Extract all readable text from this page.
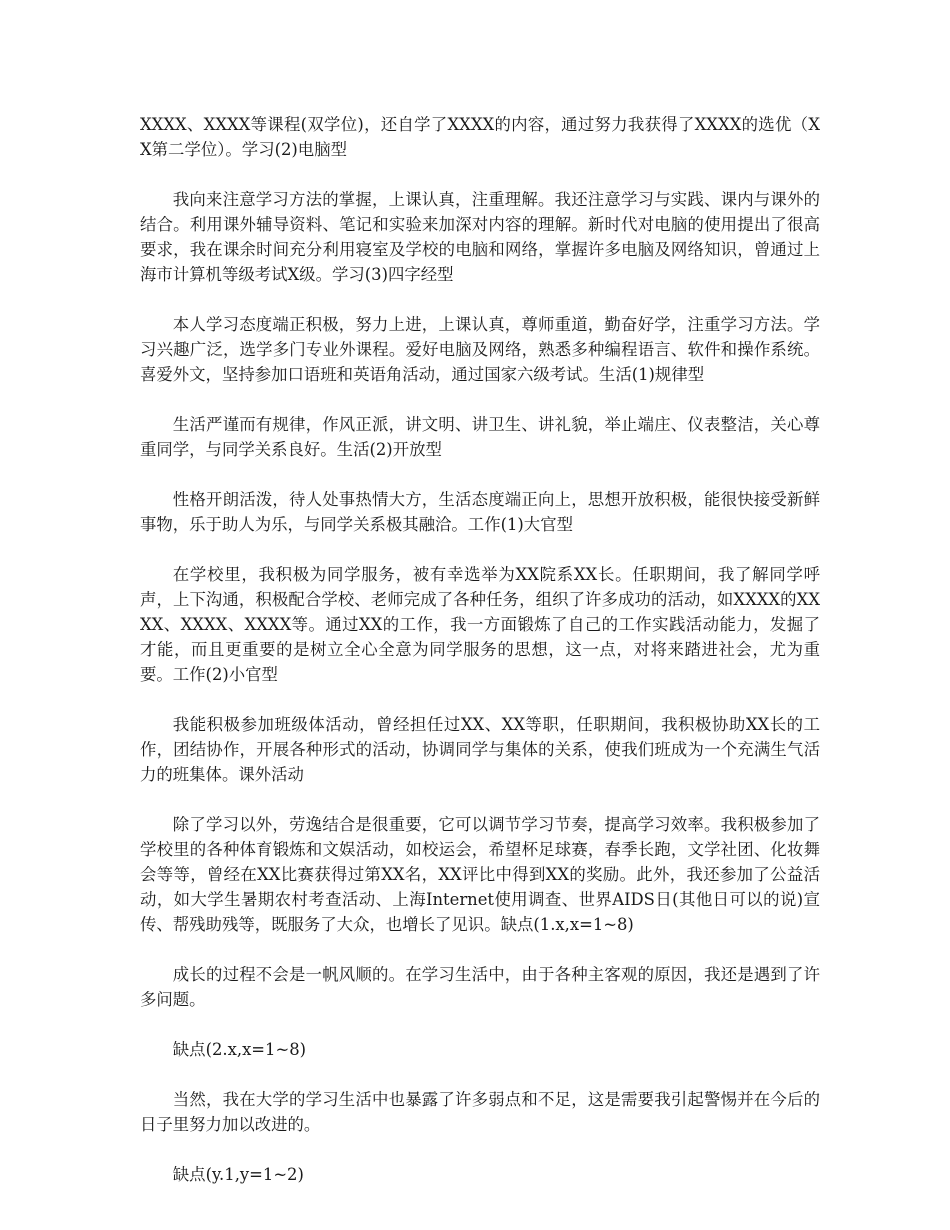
XXXX、XXXX等课程(双学位)，还自学了XXXX的内容，通过努力我获得了XXXX的选优（XX第二学位）。学习(2)电脑型

我向来注意学习方法的掌握，上课认真，注重理解。我还注意学习与实践、课内与课外的结合。利用课外辅导资料、笔记和实验来加深对内容的理解。新时代对电脑的使用提出了很高要求，我在课余时间充分利用寝室及学校的电脑和网络，掌握许多电脑及网络知识，曾通过上海市计算机等级考试X级。学习(3)四字经型

本人学习态度端正积极，努力上进，上课认真，尊师重道，勤奋好学，注重学习方法。学习兴趣广泛，选学多门专业外课程。爱好电脑及网络，熟悉多种编程语言、软件和操作系统。喜爱外文，坚持参加口语班和英语角活动，通过国家六级考试。生活(1)规律型

生活严谨而有规律，作风正派，讲文明、讲卫生、讲礼貌，举止端庄、仪表整洁，关心尊重同学，与同学关系良好。生活(2)开放型

性格开朗活泼，待人处事热情大方，生活态度端正向上，思想开放积极，能很快接受新鲜事物，乐于助人为乐，与同学关系极其融洽。工作(1)大官型

在学校里，我积极为同学服务，被有幸选举为XX院系XX长。任职期间，我了解同学呼声，上下沟通，积极配合学校、老师完成了各种任务，组织了许多成功的活动，如XXXX的XXXX、XXXX、XXXX等。通过XX的工作，我一方面锻炼了自己的工作实践活动能力，发掘了才能，而且更重要的是树立全心全意为同学服务的思想，这一点，对将来踏进社会，尤为重要。工作(2)小官型

我能积极参加班级体活动，曾经担任过XX、XX等职，任职期间，我积极协助XX长的工作，团结协作，开展各种形式的活动，协调同学与集体的关系，使我们班成为一个充满生气活力的班集体。课外活动

除了学习以外，劳逸结合是很重要，它可以调节学习节奏，提高学习效率。我积极参加了学校里的各种体育锻炼和文娱活动，如校运会，希望杯足球赛，春季长跑，文学社团、化妆舞会等等，曾经在XX比赛获得过第XX名，XX评比中得到XX的奖励。此外，我还参加了公益活动，如大学生暑期农村考查活动、上海Internet使用调查、世界AIDS日(其他日可以的说)宣传、帮残助残等，既服务了大众，也增长了见识。缺点(1.x,x=1~8)

成长的过程不会是一帆风顺的。在学习生活中，由于各种主客观的原因，我还是遇到了许多问题。

缺点(2.x,x=1~8)

当然，我在大学的学习生活中也暴露了许多弱点和不足，这是需要我引起警惕并在今后的日子里努力加以改进的。

缺点(y.1,y=1~2)
